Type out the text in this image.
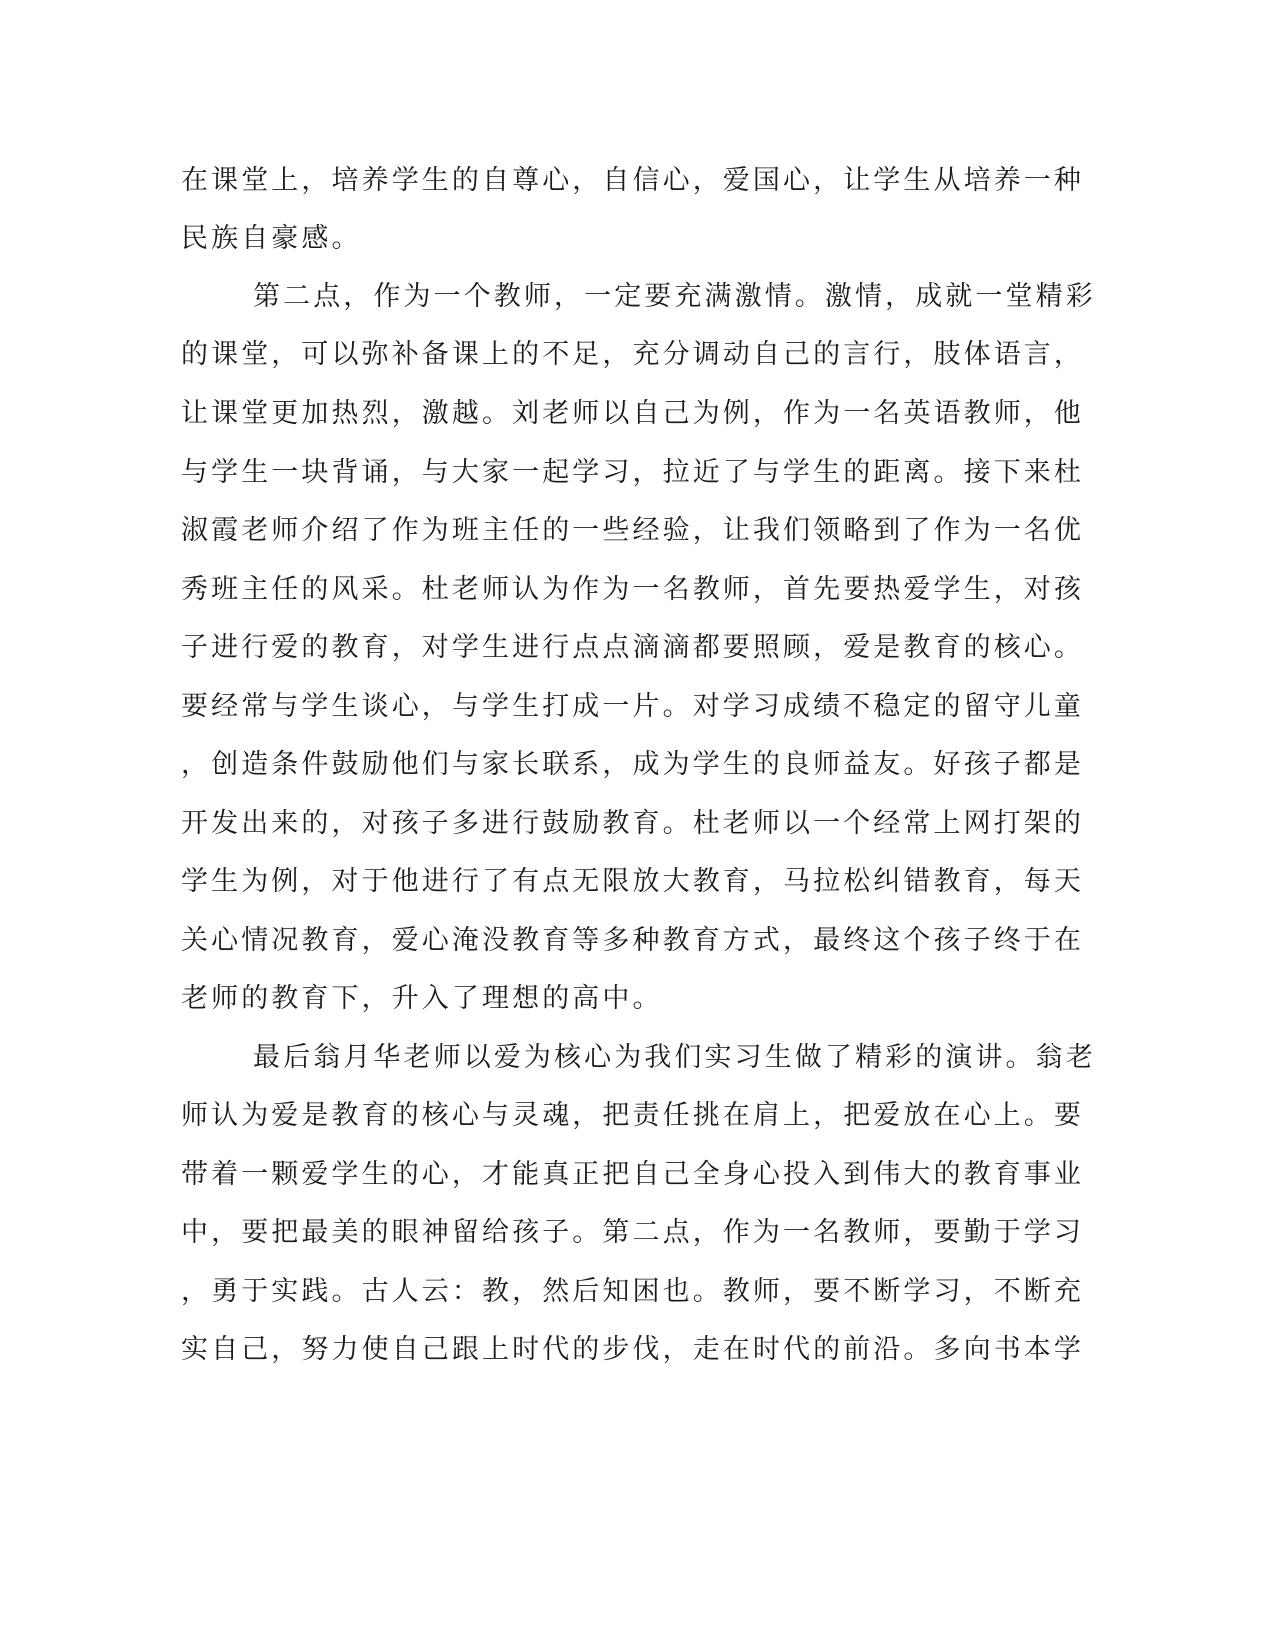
在课堂上，培养学生的自尊心，自信心，爱国心，让学生从培养一种
民族自豪感。
第二点，作为一个教师，一定要充满激情。激情，成就一堂精彩
的课堂，可以弥补备课上的不足，充分调动自己的言行，肢体语言，
让课堂更加热烈，激越。刘老师以自己为例，作为一名英语教师，他
与学生一块背诵，与大家一起学习，拉近了与学生的距离。接下来杜
淑霞老师介绍了作为班主任的一些经验，让我们领略到了作为一名优
秀班主任的风采。杜老师认为作为一名教师，首先要热爱学生，对孩
子进行爱的教育，对学生进行点点滴滴都要照顾，爱是教育的核心。
要经常与学生谈心，与学生打成一片。对学习成绩不稳定的留守儿童
，创造条件鼓励他们与家长联系，成为学生的良师益友。好孩子都是
开发出来的，对孩子多进行鼓励教育。杜老师以一个经常上网打架的
学生为例，对于他进行了有点无限放大教育，马拉松纠错教育，每天
关心情况教育，爱心淹没教育等多种教育方式，最终这个孩子终于在
老师的教育下，升入了理想的高中。
最后翁月华老师以爱为核心为我们实习生做了精彩的演讲。翁老
师认为爱是教育的核心与灵魂，把责任挑在肩上，把爱放在心上。要
带着一颗爱学生的心，才能真正把自己全身心投入到伟大的教育事业
中，要把最美的眼神留给孩子。第二点，作为一名教师，要勤于学习
，勇于实践。古人云：教，然后知困也。教师，要不断学习，不断充
实自己，努力使自己跟上时代的步伐，走在时代的前沿。多向书本学
